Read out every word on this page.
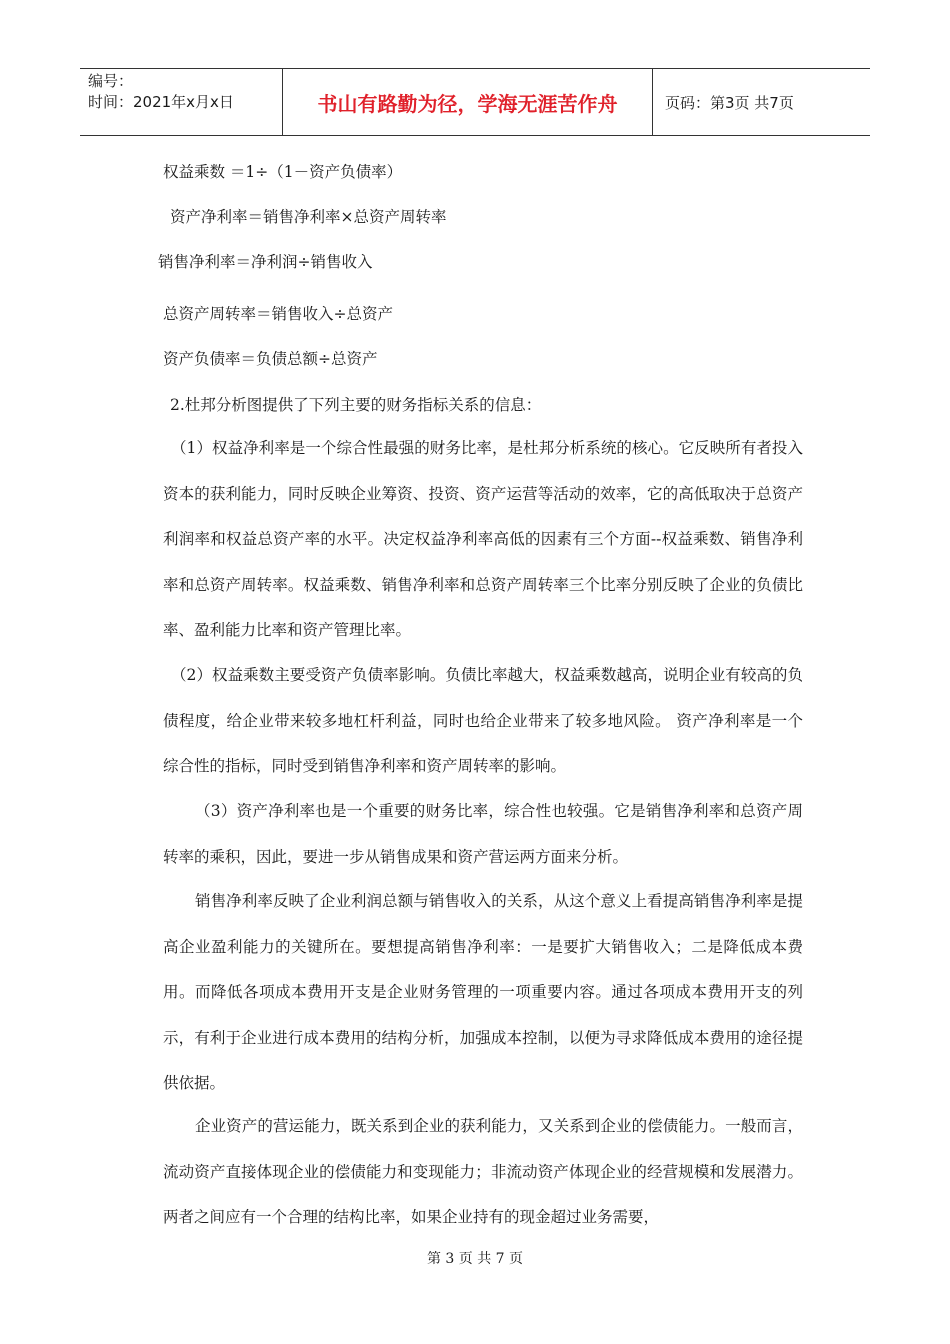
编号：
时间：2021年x月x日	书山有路勤为径，学海无涯苦作舟	页码：第3页 共7页
权益乘数 ＝1÷（1－资产负债率）
资产净利率＝销售净利率×总资产周转率
销售净利率＝净利润÷销售收入
总资产周转率＝销售收入÷总资产
资产负债率＝负债总额÷总资产
2.杜邦分析图提供了下列主要的财务指标关系的信息：
（1）权益净利率是一个综合性最强的财务比率，是杜邦分析系统的核心。它反映所有者投入资本的获利能力，同时反映企业筹资、投资、资产运营等活动的效率，它的高低取决于总资产利润率和权益总资产率的水平。决定权益净利率高低的因素有三个方面--权益乘数、销售净利率和总资产周转率。权益乘数、销售净利率和总资产周转率三个比率分别反映了企业的负债比率、盈利能力比率和资产管理比率。
（2）权益乘数主要受资产负债率影响。负债比率越大，权益乘数越高，说明企业有较高的负债程度，给企业带来较多地杠杆利益，同时也给企业带来了较多地风险。 资产净利率是一个综合性的指标，同时受到销售净利率和资产周转率的影响。
（3）资产净利率也是一个重要的财务比率，综合性也较强。它是销售净利率和总资产周转率的乘积，因此，要进一步从销售成果和资产营运两方面来分析。
销售净利率反映了企业利润总额与销售收入的关系，从这个意义上看提高销售净利率是提高企业盈利能力的关键所在。要想提高销售净利率：一是要扩大销售收入；二是降低成本费用。而降低各项成本费用开支是企业财务管理的一项重要内容。通过各项成本费用开支的列示，有利于企业进行成本费用的结构分析，加强成本控制，以便为寻求降低成本费用的途径提供依据。
企业资产的营运能力，既关系到企业的获利能力，又关系到企业的偿债能力。一般而言，流动资产直接体现企业的偿债能力和变现能力；非流动资产体现企业的经营规模和发展潜力。两者之间应有一个合理的结构比率，如果企业持有的现金超过业务需要，
第 3 页 共 7 页
